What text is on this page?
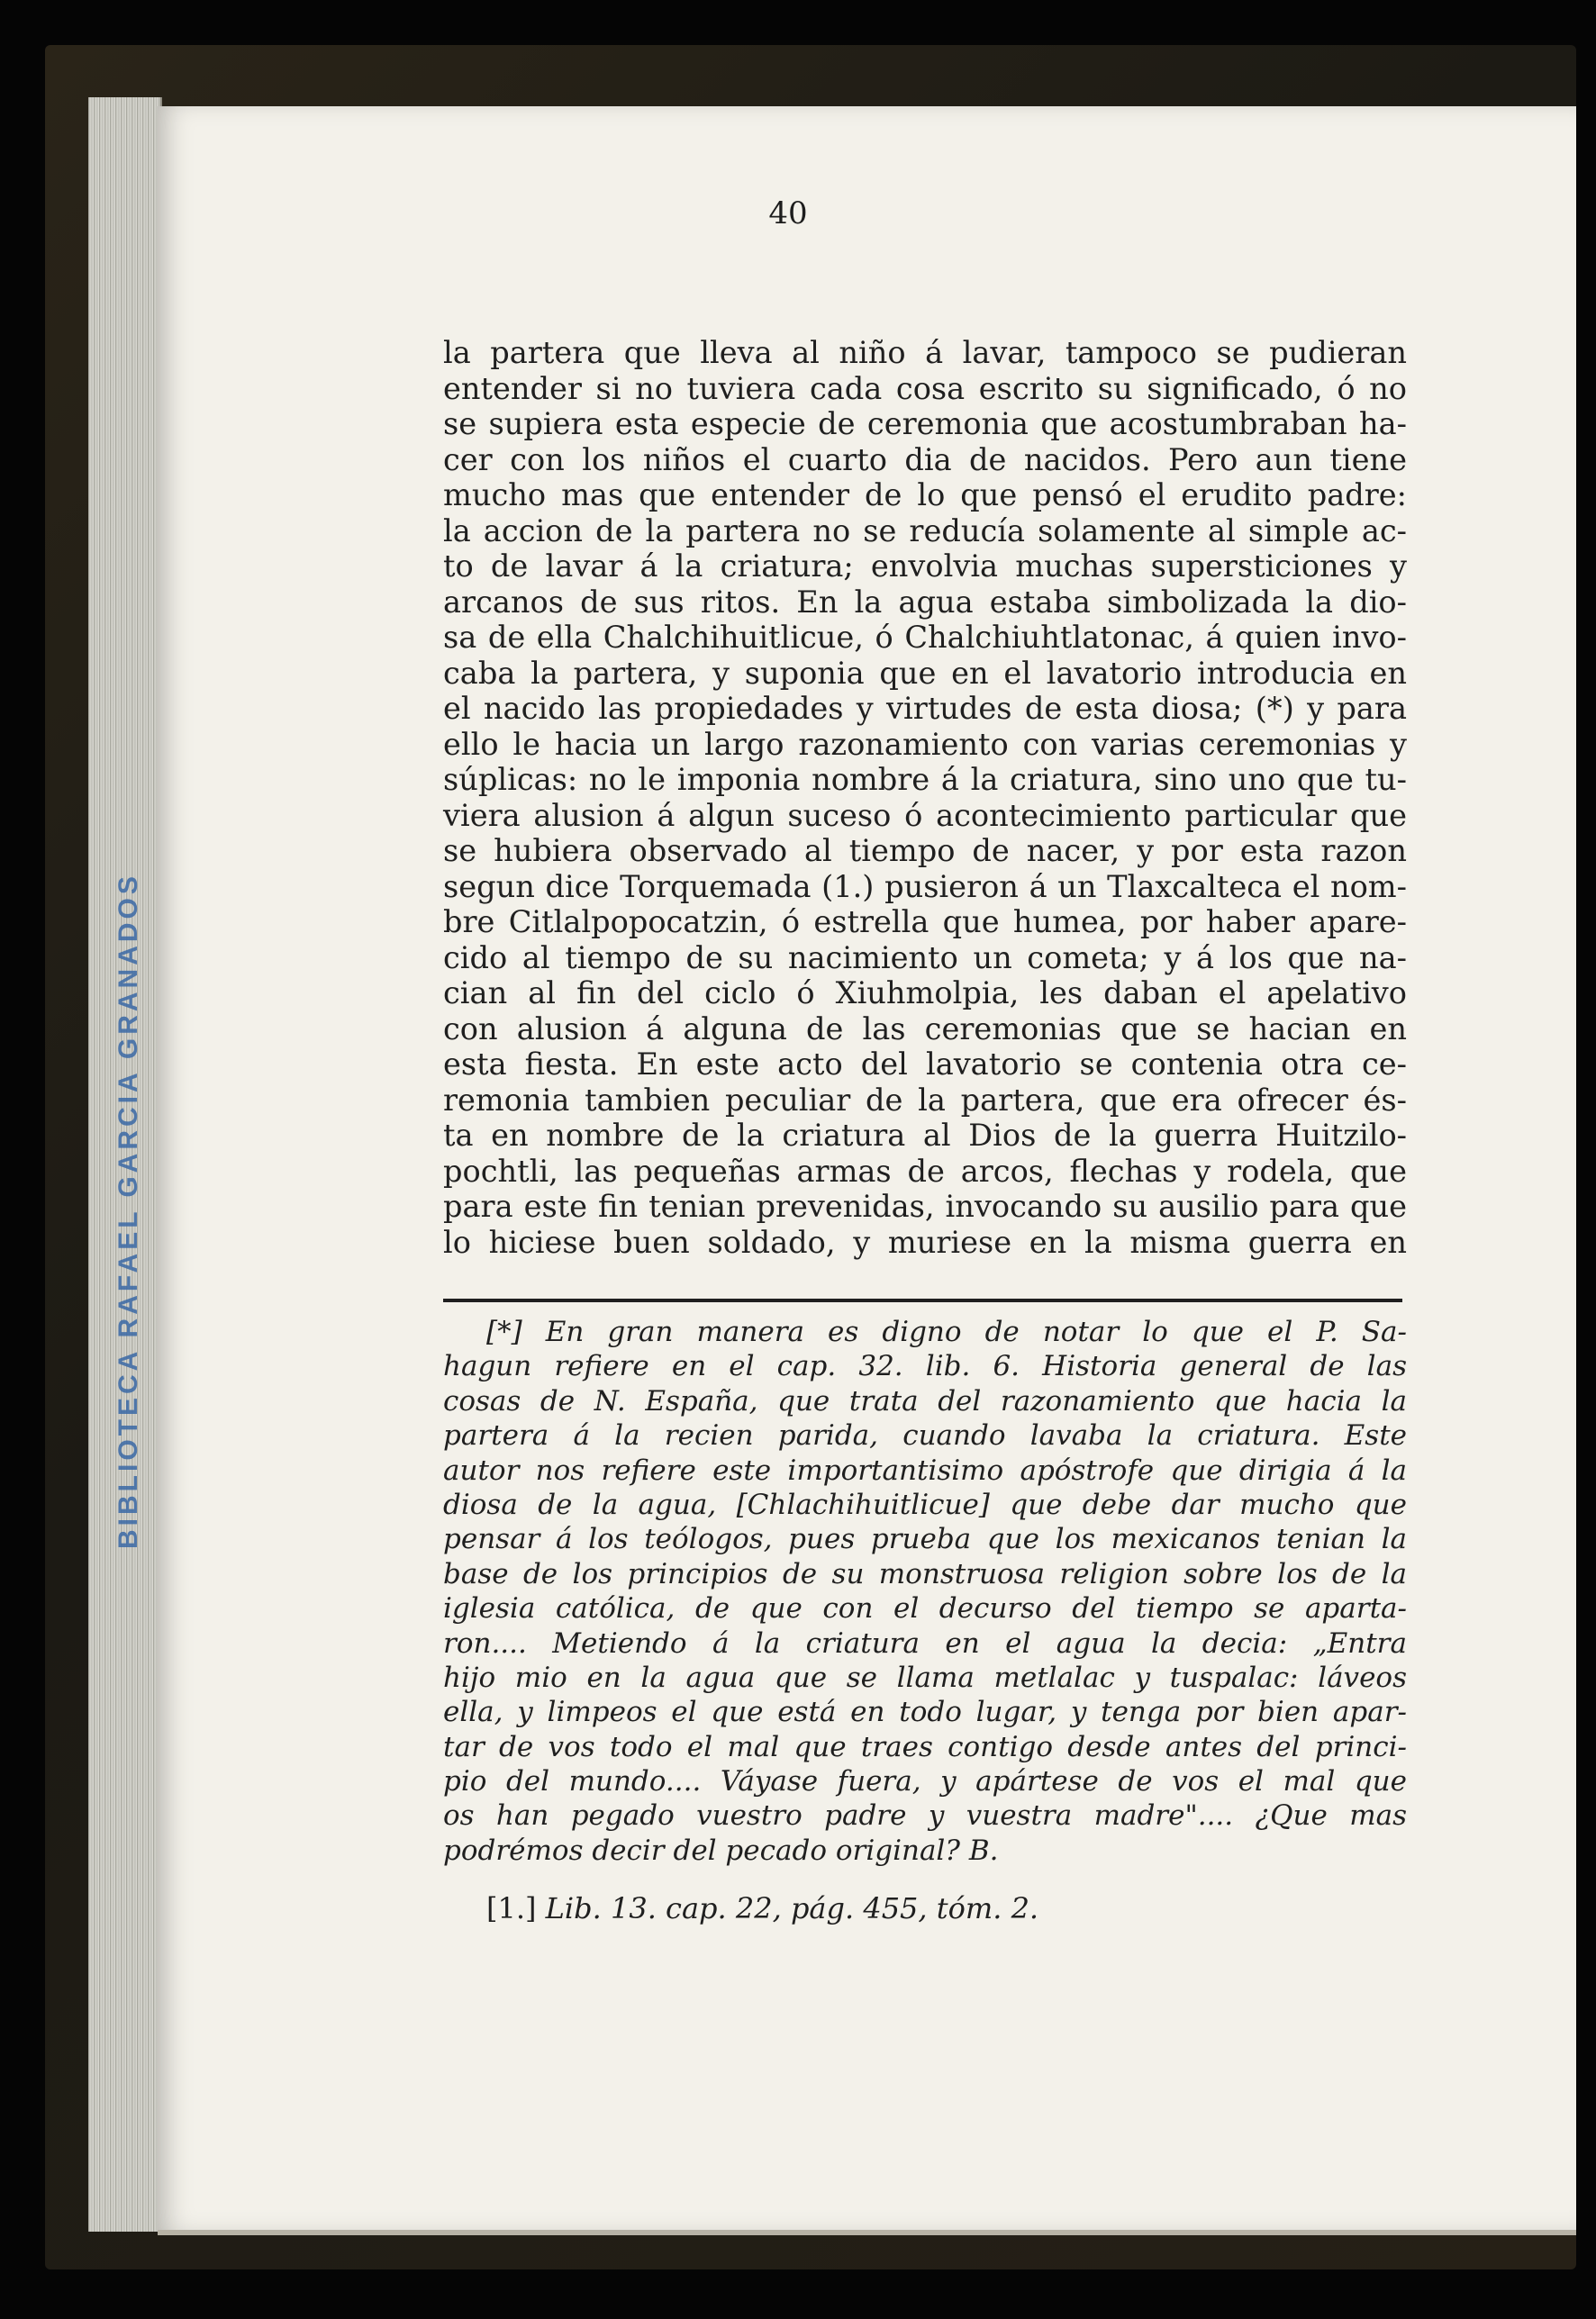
BIBLIOTECA RAFAEL GARCIA GRANADOS
40
la partera que lleva al niño á lavar, tampoco se pudieran
entender si no tuviera cada cosa escrito su significado, ó no
se supiera esta especie de ceremonia que acostumbraban ha-
cer con los niños el cuarto dia de nacidos. Pero aun tiene
mucho mas que entender de lo que pensó el erudito padre:
la accion de la partera no se reducía solamente al simple ac-
to de lavar á la criatura; envolvia muchas supersticiones y
arcanos de sus ritos. En la agua estaba simbolizada la dio-
sa de ella Chalchihuitlicue, ó Chalchiuhtlatonac, á quien invo-
caba la partera, y suponia que en el lavatorio introducia en
el nacido las propiedades y virtudes de esta diosa; (*) y para
ello le hacia un largo razonamiento con varias ceremonias y
súplicas: no le imponia nombre á la criatura, sino uno que tu-
viera alusion á algun suceso ó acontecimiento particular que
se hubiera observado al tiempo de nacer, y por esta razon
segun dice Torquemada (1.) pusieron á un Tlaxcalteca el nom-
bre Citlalpopocatzin, ó estrella que humea, por haber apare-
cido al tiempo de su nacimiento un cometa; y á los que na-
cian al fin del ciclo ó Xiuhmolpia, les daban el apelativo
con alusion á alguna de las ceremonias que se hacian en
esta fiesta. En este acto del lavatorio se contenia otra ce-
remonia tambien peculiar de la partera, que era ofrecer és-
ta en nombre de la criatura al Dios de la guerra Huitzilo-
pochtli, las pequeñas armas de arcos, flechas y rodela, que
para este fin tenian prevenidas, invocando su ausilio para que
lo hiciese buen soldado, y muriese en la misma guerra en
[*] En gran manera es digno de notar lo que el P. Sa-
hagun refiere en el cap. 32. lib. 6. Historia general de las
cosas de N. España, que trata del razonamiento que hacia la
partera á la recien parida, cuando lavaba la criatura. Este
autor nos refiere este importantisimo apóstrofe que dirigia á la
diosa de la agua, [Chlachihuitlicue] que debe dar mucho que
pensar á los teólogos, pues prueba que los mexicanos tenian la
base de los principios de su monstruosa religion sobre los de la
iglesia católica, de que con el decurso del tiempo se aparta-
ron.... Metiendo á la criatura en el agua la decia: „Entra
hijo mio en la agua que se llama metlalac y tuspalac: láveos
ella, y limpeos el que está en todo lugar, y tenga por bien apar-
tar de vos todo el mal que traes contigo desde antes del princi-
pio del mundo.... Váyase fuera, y apártese de vos el mal que
os han pegado vuestro padre y vuestra madre".... ¿Que mas
podrémos decir del pecado original? B.
[1.] Lib. 13. cap. 22, pág. 455, tóm. 2.
